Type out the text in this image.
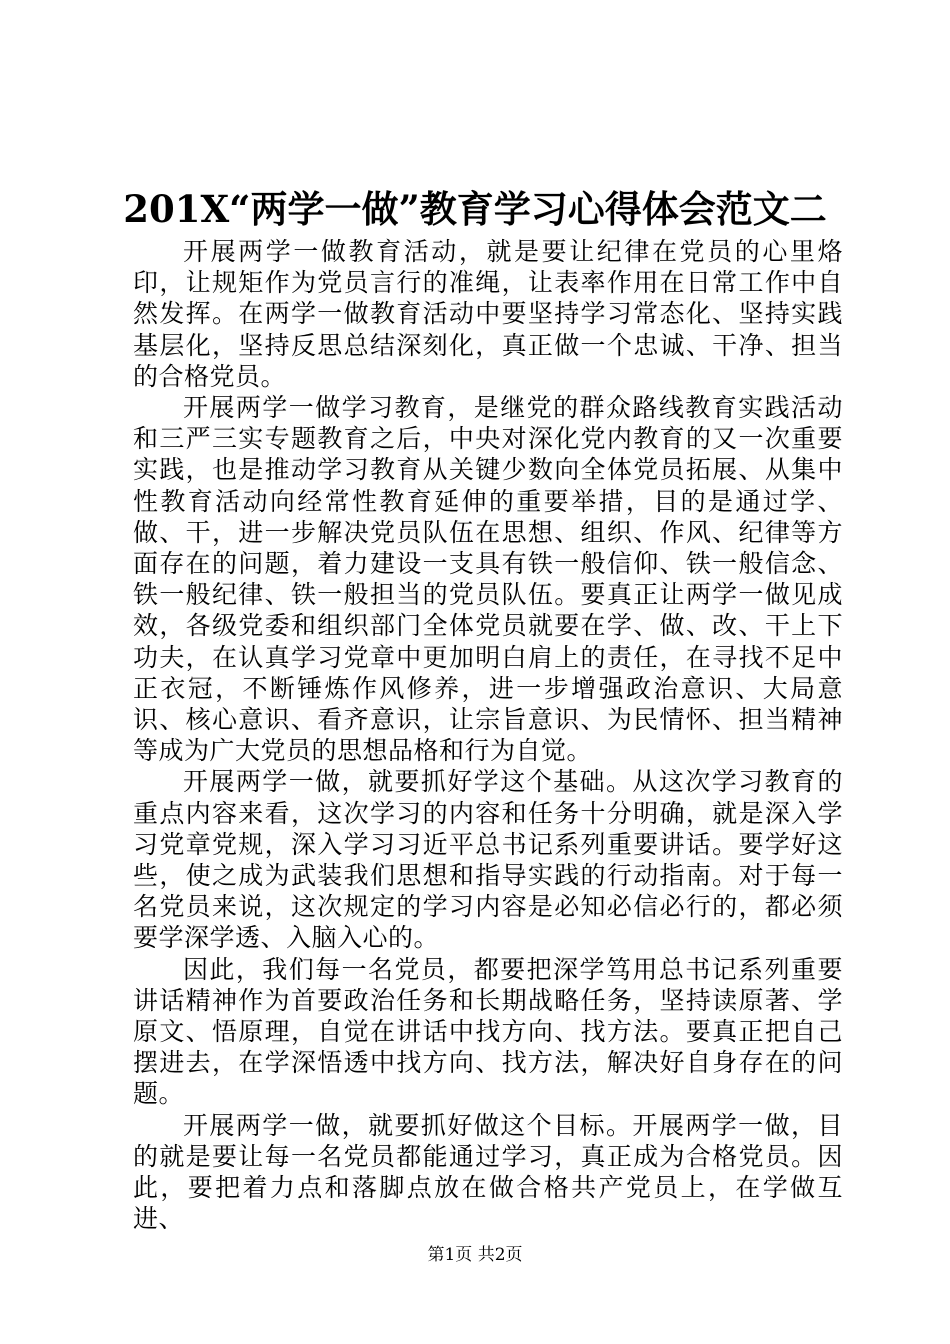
201X“两学一做”教育学习心得体会范文二

开展两学一做教育活动，就是要让纪律在党员的心里烙印，让规矩作为党员言行的准绳，让表率作用在日常工作中自然发挥。在两学一做教育活动中要坚持学习常态化、坚持实践基层化，坚持反思总结深刻化，真正做一个忠诚、干净、担当的合格党员。

开展两学一做学习教育，是继党的群众路线教育实践活动和三严三实专题教育之后，中央对深化党内教育的又一次重要实践，也是推动学习教育从关键少数向全体党员拓展、从集中性教育活动向经常性教育延伸的重要举措，目的是通过学、做、干，进一步解决党员队伍在思想、组织、作风、纪律等方面存在的问题，着力建设一支具有铁一般信仰、铁一般信念、铁一般纪律、铁一般担当的党员队伍。要真正让两学一做见成效，各级党委和组织部门全体党员就要在学、做、改、干上下功夫，在认真学习党章中更加明白肩上的责任，在寻找不足中正衣冠，不断锤炼作风修养，进一步增强政治意识、大局意识、核心意识、看齐意识，让宗旨意识、为民情怀、担当精神等成为广大党员的思想品格和行为自觉。

开展两学一做，就要抓好学这个基础。从这次学习教育的重点内容来看，这次学习的内容和任务十分明确，就是深入学习党章党规，深入学习习近平总书记系列重要讲话。要学好这些，使之成为武装我们思想和指导实践的行动指南。对于每一名党员来说，这次规定的学习内容是必知必信必行的，都必须要学深学透、入脑入心的。

因此，我们每一名党员，都要把深学笃用总书记系列重要讲话精神作为首要政治任务和长期战略任务，坚持读原著、学原文、悟原理，自觉在讲话中找方向、找方法。要真正把自己摆进去，在学深悟透中找方向、找方法，解决好自身存在的问题。

开展两学一做，就要抓好做这个目标。开展两学一做，目的就是要让每一名党员都能通过学习，真正成为合格党员。因此，要把着力点和落脚点放在做合格共产党员上，在学做互进、

第1页 共2页
